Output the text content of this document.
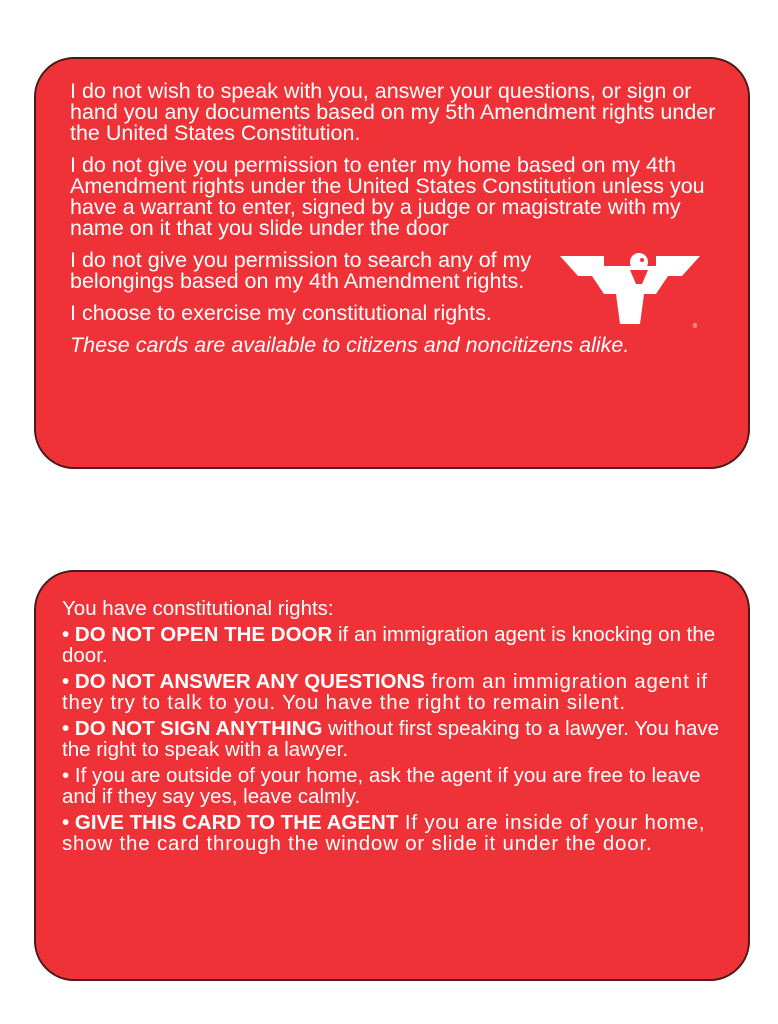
I do not wish to speak with you, answer your questions, or sign or hand you any documents based on my 5th Amendment rights under the United States Constitution.

I do not give you permission to enter my home based on my 4th Amendment rights under the United States Constitution unless you have a warrant to enter, signed by a judge or magistrate with my name on it that you slide under the door

I do not give you permission to search any of my belongings based on my 4th Amendment rights.

I choose to exercise my constitutional rights.

These cards are available to citizens and noncitizens alike.

®

You have constitutional rights:

• DO NOT OPEN THE DOOR if an immigration agent is knocking on the door.

• DO NOT ANSWER ANY QUESTIONS from an immigration agent if they try to talk to you. You have the right to remain silent.

• DO NOT SIGN ANYTHING without first speaking to a lawyer. You have the right to speak with a lawyer.

• If you are outside of your home, ask the agent if you are free to leave and if they say yes, leave calmly.

• GIVE THIS CARD TO THE AGENT If you are inside of your home, show the card through the window or slide it under the door.
